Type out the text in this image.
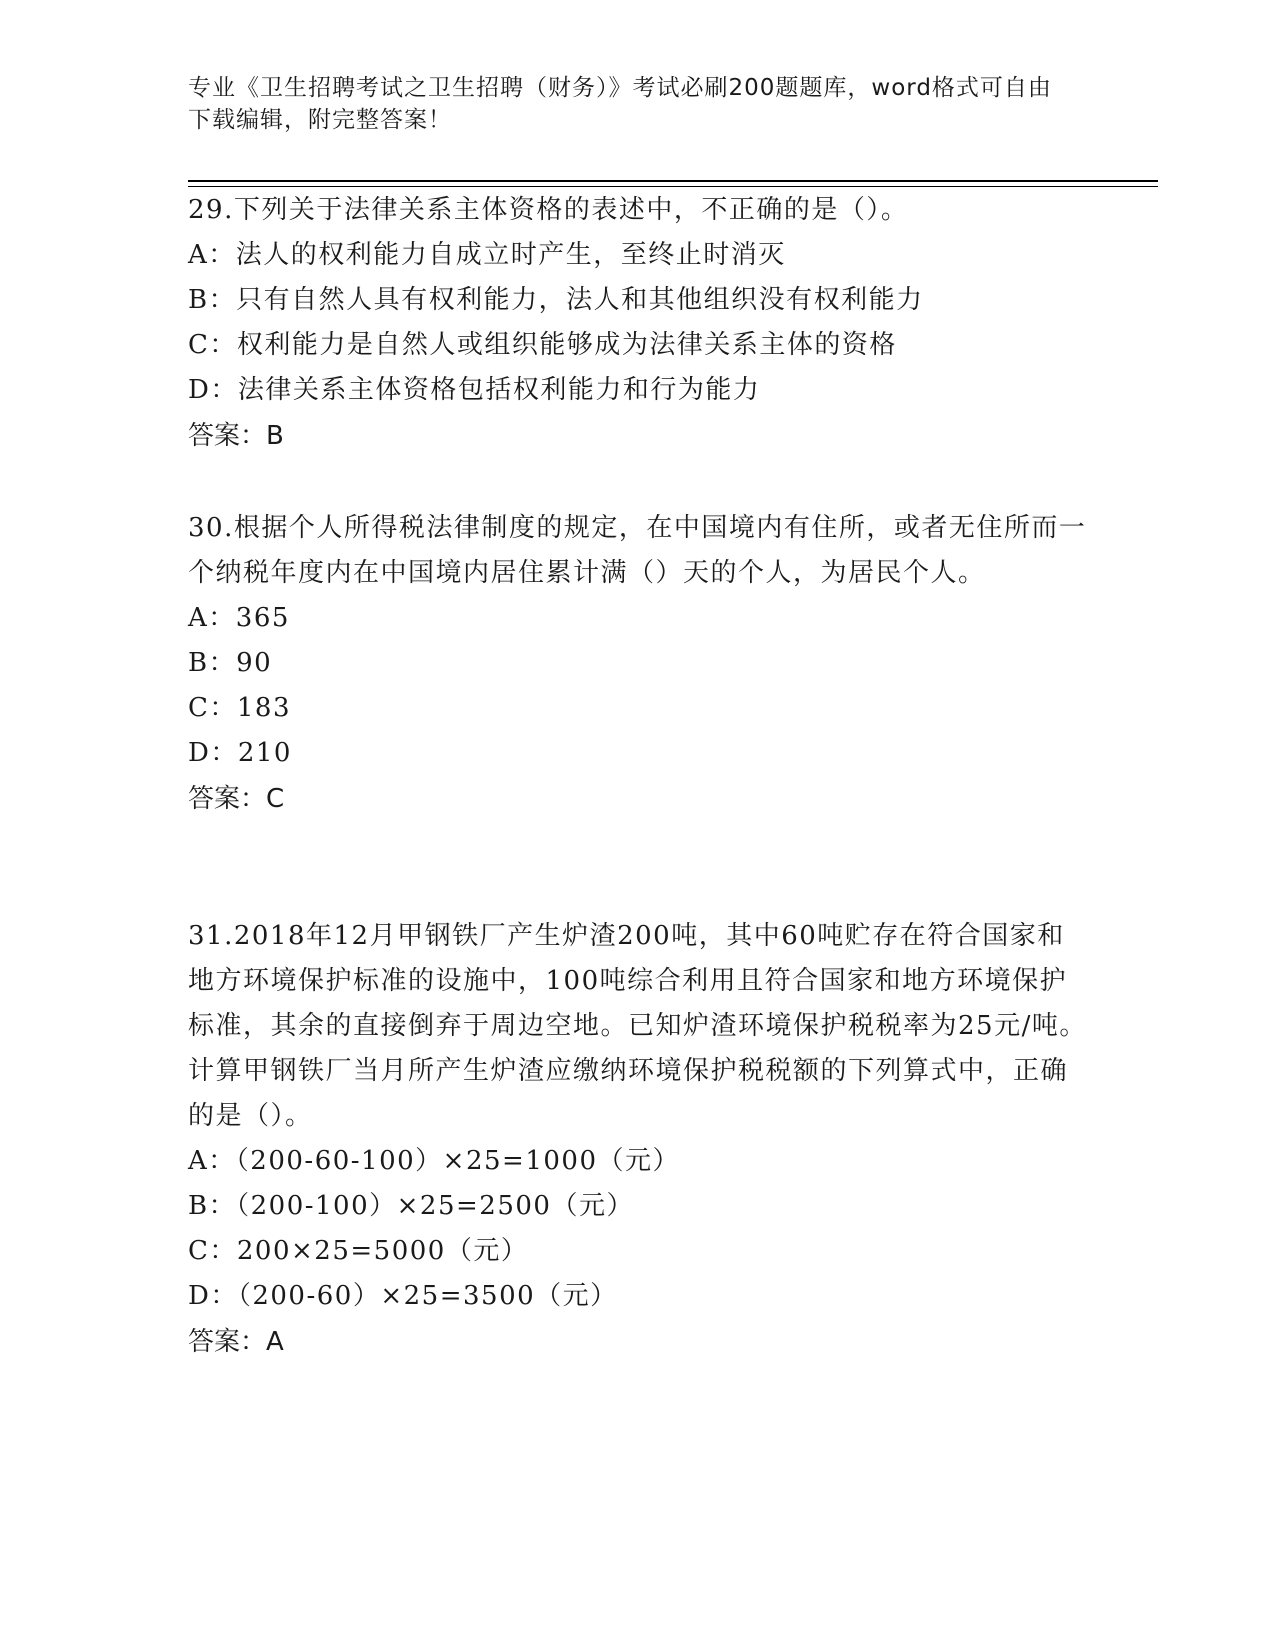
专业《卫生招聘考试之卫生招聘（财务）》考试必刷200题题库，word格式可自由下载编辑，附完整答案！

29.下列关于法律关系主体资格的表述中，不正确的是（）。

A：法人的权利能力自成立时产生，至终止时消灭

B：只有自然人具有权利能力，法人和其他组织没有权利能力

C：权利能力是自然人或组织能够成为法律关系主体的资格

D：法律关系主体资格包括权利能力和行为能力

答案：B

30.根据个人所得税法律制度的规定，在中国境内有住所，或者无住所而一个纳税年度内在中国境内居住累计满（）天的个人，为居民个人。

A：365

B：90

C：183

D：210

答案：C

31.2018年12月甲钢铁厂产生炉渣200吨，其中60吨贮存在符合国家和地方环境保护标准的设施中，100吨综合利用且符合国家和地方环境保护标准，其余的直接倒弃于周边空地。已知炉渣环境保护税税率为25元/吨。计算甲钢铁厂当月所产生炉渣应缴纳环境保护税税额的下列算式中，正确的是（）。

A：（200-60-100）×25=1000（元）

B：（200-100）×25=2500（元）

C：200×25=5000（元）

D：（200-60）×25=3500（元）

答案：A
